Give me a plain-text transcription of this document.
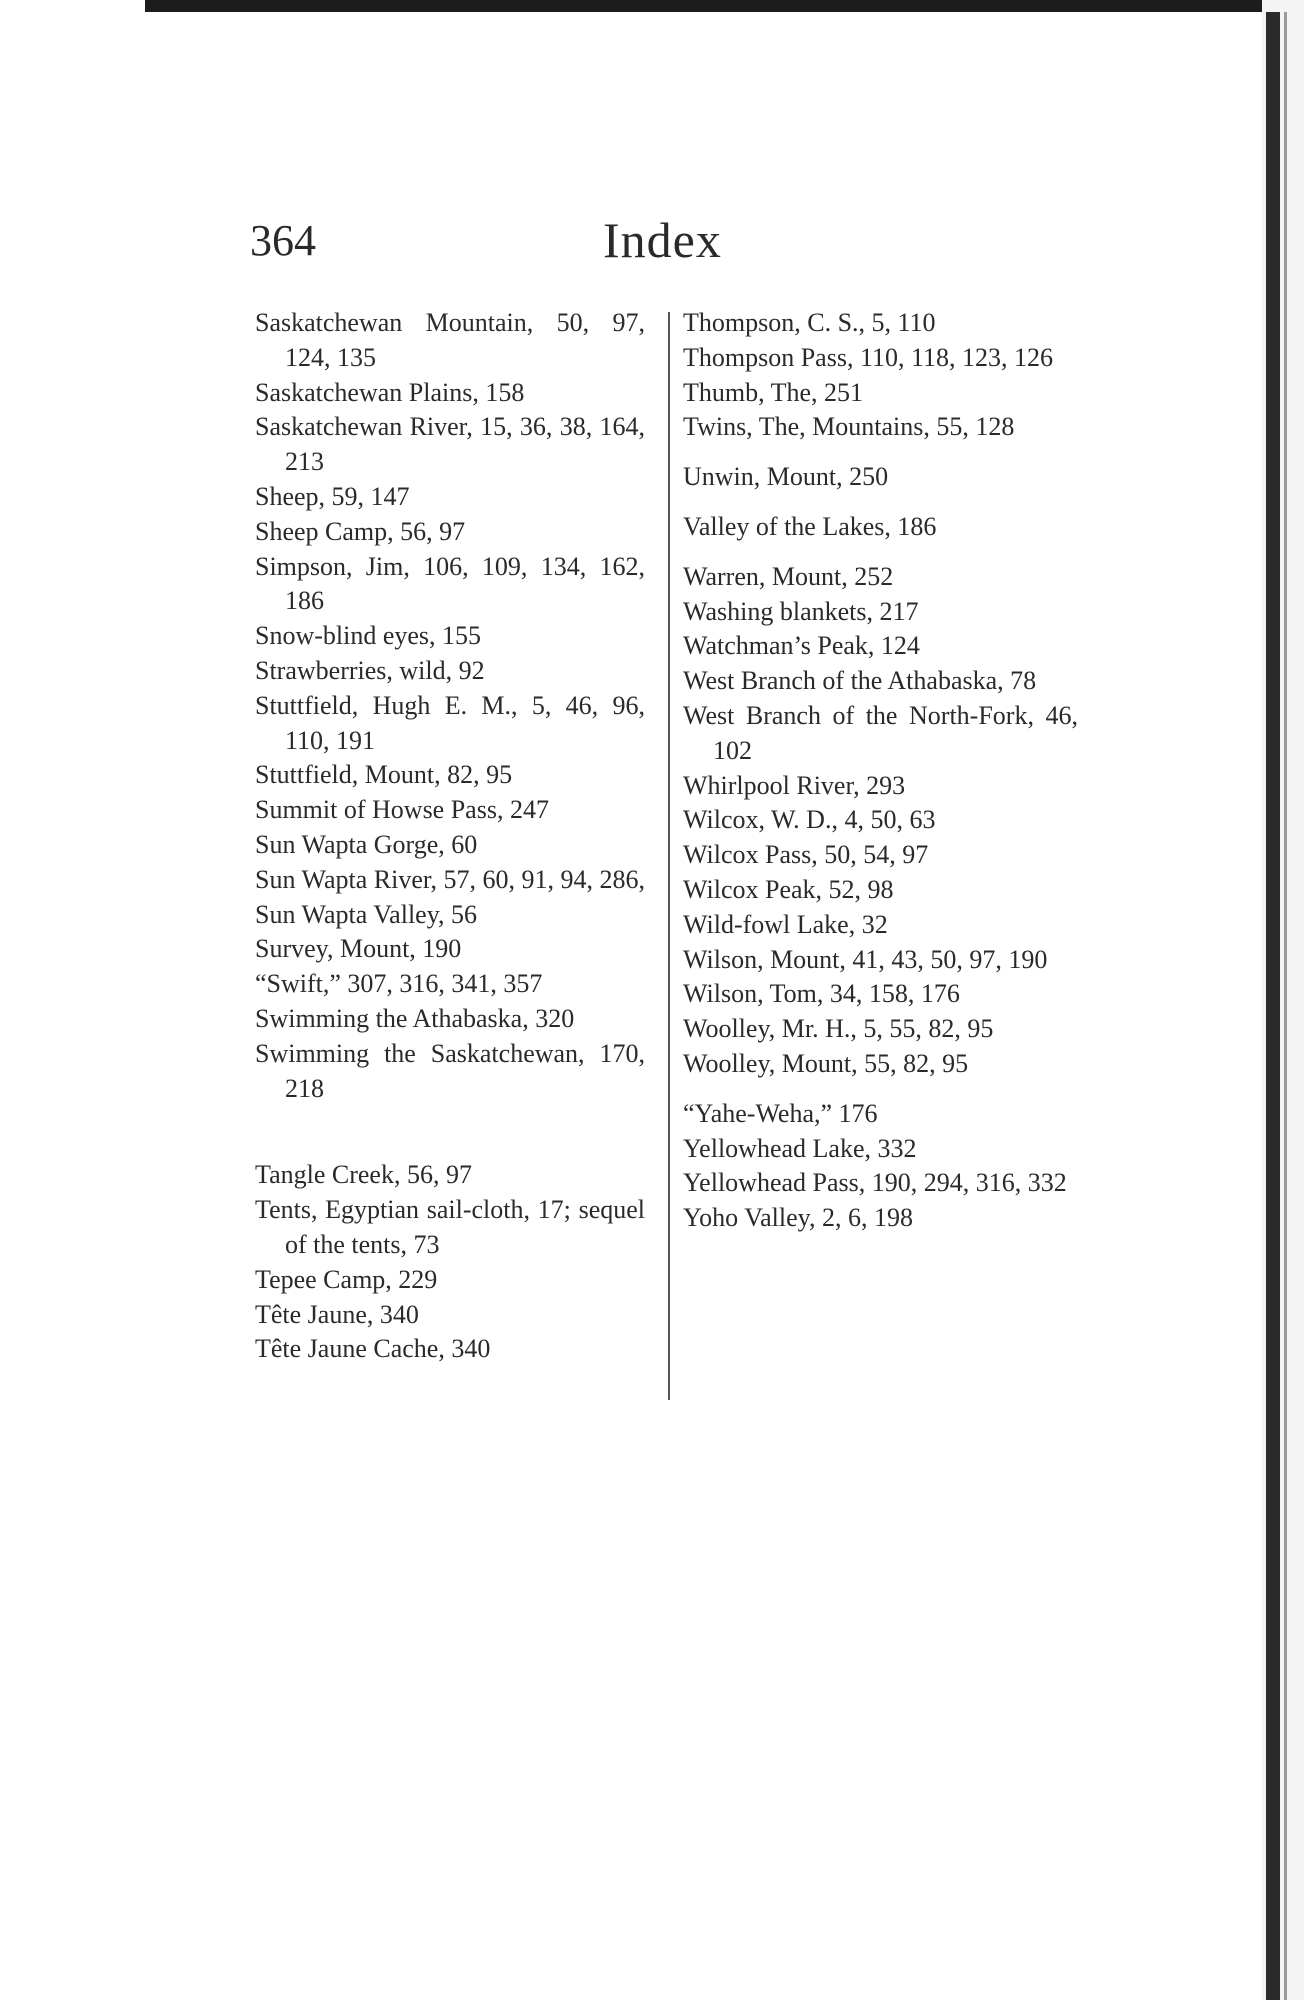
364	Index
Saskatchewan Mountain, 50, 97, 124, 135
Saskatchewan Plains, 158
Saskatchewan River, 15, 36, 38, 164, 213
Sheep, 59, 147
Sheep Camp, 56, 97
Simpson, Jim, 106, 109, 134, 162, 186
Snow-blind eyes, 155
Strawberries, wild, 92
Stuttfield, Hugh E. M., 5, 46, 96, 110, 191
Stuttfield, Mount, 82, 95
Summit of Howse Pass, 247
Sun Wapta Gorge, 60
Sun Wapta River, 57, 60, 91, 94, 286,
Sun Wapta Valley, 56
Survey, Mount, 190
“Swift,” 307, 316, 341, 357
Swimming the Athabaska, 320
Swimming the Saskatchewan, 170, 218
Tangle Creek, 56, 97
Tents, Egyptian sail-cloth, 17; sequel of the tents, 73
Tepee Camp, 229
Tête Jaune, 340
Tête Jaune Cache, 340
Thompson, C. S., 5, 110
Thompson Pass, 110, 118, 123, 126
Thumb, The, 251
Twins, The, Mountains, 55, 128
Unwin, Mount, 250
Valley of the Lakes, 186
Warren, Mount, 252
Washing blankets, 217
Watchman’s Peak, 124
West Branch of the Athabaska, 78
West Branch of the North-Fork, 46, 102
Whirlpool River, 293
Wilcox, W. D., 4, 50, 63
Wilcox Pass, 50, 54, 97
Wilcox Peak, 52, 98
Wild-fowl Lake, 32
Wilson, Mount, 41, 43, 50, 97, 190
Wilson, Tom, 34, 158, 176
Woolley, Mr. H., 5, 55, 82, 95
Woolley, Mount, 55, 82, 95
“Yahe-Weha,” 176
Yellowhead Lake, 332
Yellowhead Pass, 190, 294, 316, 332
Yoho Valley, 2, 6, 198
